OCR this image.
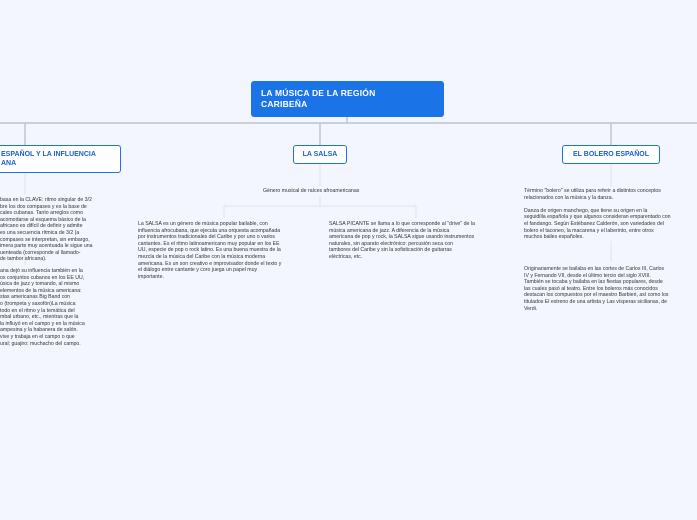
LA MÚSICA DE LA REGIÓN
CARIBEÑA
ESPAÑOL Y LA INFLUENCIA
ANA
LA SALSA	EL BOLERO ESPAÑOL

basa en la CLAVE: ritmo singular de 3/2
bre los dos compases y es la base de
cales cubanas. Tanto arreglos como
acomodarse al esquema básico de la
africano es difícil de definir y admite
es una secuencia rítmica de 3/2 (a
compases se interpretan, sin embargo,
imera parte muy acentuada le sigue una
uenteada (corresponde al llamado-
de tambor africana).

ana dejó su influencia también en la
os conjuntos cubanos en los EE UU,
úsica de jazz y tomando, al mismo
elementos de la música americana:
stas americanas Big Band con
o (trompeta y saxofón)La música
todo en el ritmo y la temática del
mbal urbano, etc., mientras que la
la influyó en el campo y en la música
ampesina y la habanera de salón.
vive y trabaja en el campo o que
ural; guajiro: muchacho del campo.

Género musical de raíces afroamericanas

La SALSA es un género de música popular bailable, con
influencia afrocubana, que ejecuta una orquesta acompañada
por instrumentos tradicionales del Caribe y por uno o varios
cantantes. Es el ritmo latinoamericano muy popular en los EE
UU, especie de pop o rock latino. Es una buena muestra de la
mezcla de la música del Caribe con la música moderna
americana. Es un son creativo e improvisador donde el texto y
el diálogo entre cantante y coro juega un papel muy
importante.

SALSA PICANTE se llama a lo que corresponde al "drive" de la
música americana de jazz. A diferencia de la música
americana de pop y rock, la SALSA sigue usando instrumentos
naturales, sin aparato electrónico: percusión seca con
tambores del Caribe y sin la sofisticación de guitarras
eléctricas, etc.

Término "bolero" se utiliza para referir a distintos conceptos
relacionados con la música y la danza.

Danza de origen manchego, que tiene su origen en la
seguidilla española y que algunos consideran emparentado con
el fandango. Según Estébanez Calderón, son variedades del
bolero el taconeo, la macarena y el laberinto, entre otros
muchos bailes españoles.

Originariamente se bailaba en las cortes de Carlos III, Carlos
IV y Fernando VII, desde el último tercio del siglo XVIII.
También se tocaba y bailaba en las fiestas populares, desde
las cuales pasó al teatro. Entre los boleros más conocidos
destacan los compuestos por el maestro Barbieri, así como los
titulados El estreno de una artista y Las vísperas sicilianas, de
Verdi.
